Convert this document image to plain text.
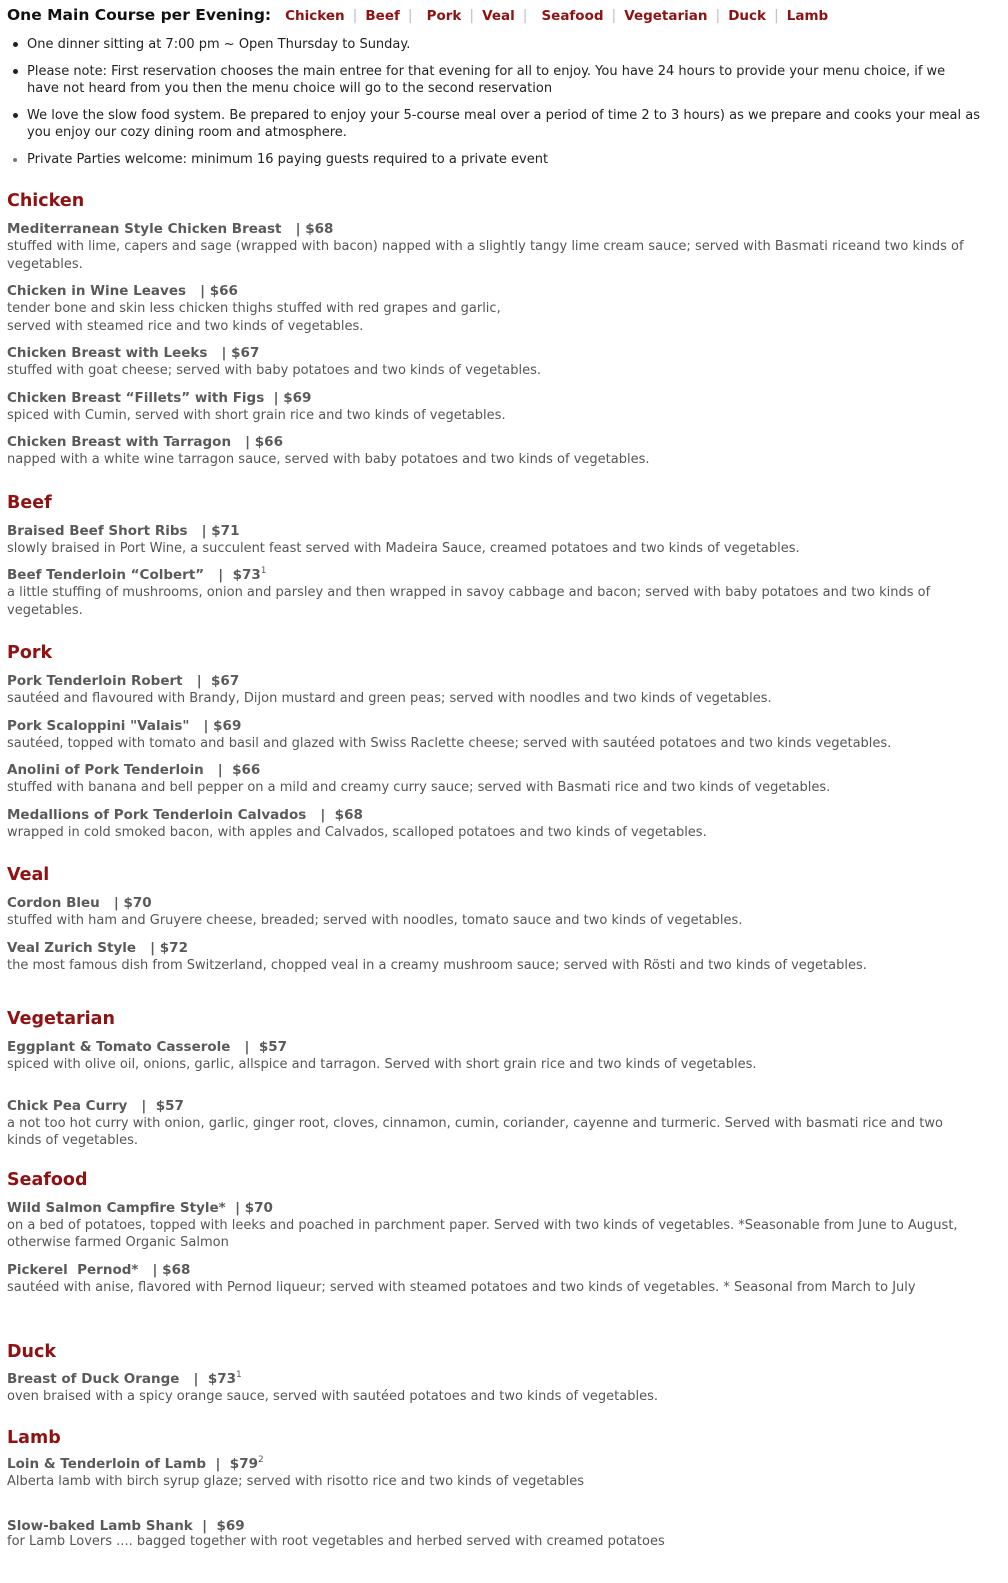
One Main Course per Evening: Chicken | Beef | Pork | Veal | Seafood | Vegetarian | Duck | Lamb
One dinner sitting at 7:00 pm ~ Open Thursday to Sunday.
Please note: First reservation chooses the main entree for that evening for all to enjoy. You have 24 hours to provide your menu choice, if we have not heard from you then the menu choice will go to the second reservation
We love the slow food system. Be prepared to enjoy your 5-course meal over a period of time 2 to 3 hours) as we prepare and cooks your meal as you enjoy our cozy dining room and atmosphere.
Private Parties welcome: minimum 16 paying guests required to a private event
Chicken
Mediterranean Style Chicken Breast   | $68
stuffed with lime, capers and sage (wrapped with bacon) napped with a slightly tangy lime cream sauce; served with Basmati riceand two kinds of vegetables.
Chicken in Wine Leaves   | $66
tender bone and skin less chicken thighs stuffed with red grapes and garlic,
served with steamed rice and two kinds of vegetables.
Chicken Breast with Leeks   | $67
stuffed with goat cheese; served with baby potatoes and two kinds of vegetables.
Chicken Breast “Fillets” with Figs  | $69
spiced with Cumin, served with short grain rice and two kinds of vegetables.
Chicken Breast with Tarragon   | $66
napped with a white wine tarragon sauce, served with baby potatoes and two kinds of vegetables.
Beef
Braised Beef Short Ribs   | $71
slowly braised in Port Wine, a succulent feast served with Madeira Sauce, creamed potatoes and two kinds of vegetables.
Beef Tenderloin “Colbert”   |  $\$73^1$
a little stuffing of mushrooms, onion and parsley and then wrapped in savoy cabbage and bacon; served with baby potatoes and two kinds of vegetables.
Pork
Pork Tenderloin Robert   |  $67
sautéed and flavoured with Brandy, Dijon mustard and green peas; served with noodles and two kinds of vegetables.
Pork Scaloppini "Valais"   | $69
sautéed, topped with tomato and basil and glazed with Swiss Raclette cheese; served with sautéed potatoes and two kinds vegetables.
Anolini of Pork Tenderloin   |  $66
stuffed with banana and bell pepper on a mild and creamy curry sauce; served with Basmati rice and two kinds of vegetables.
Medallions of Pork Tenderloin Calvados   |  $68
wrapped in cold smoked bacon, with apples and Calvados, scalloped potatoes and two kinds of vegetables.
Veal
Cordon Bleu   | $70
stuffed with ham and Gruyere cheese, breaded; served with noodles, tomato sauce and two kinds of vegetables.
Veal Zurich Style   | $72
the most famous dish from Switzerland, chopped veal in a creamy mushroom sauce; served with Rösti and two kinds of vegetables.
Vegetarian
Eggplant & Tomato Casserole   |  $57
spiced with olive oil, onions, garlic, allspice and tarragon. Served with short grain rice and two kinds of vegetables.
Chick Pea Curry   |  $57
a not too hot curry with onion, garlic, ginger root, cloves, cinnamon, cumin, coriander, cayenne and turmeric. Served with basmati rice and two kinds of vegetables.
Seafood
Wild Salmon Campfire Style*  | $70
on a bed of potatoes, topped with leeks and poached in parchment paper. Served with two kinds of vegetables. *Seasonable from June to August, otherwise farmed Organic Salmon
Pickerel  Pernod*   | $68
sautéed with anise, flavored with Pernod liqueur; served with steamed potatoes and two kinds of vegetables. * Seasonal from March to July
Duck
Breast of Duck Orange   |  $\$73^1$
oven braised with a spicy orange sauce, served with sautéed potatoes and two kinds of vegetables.
Lamb
Loin & Tenderloin of Lamb  |  $\$79^2$
Alberta lamb with birch syrup glaze; served with risotto rice and two kinds of vegetables
Slow-baked Lamb Shank  |  $69
for Lamb Lovers .... bagged together with root vegetables and herbed served with creamed potatoes
